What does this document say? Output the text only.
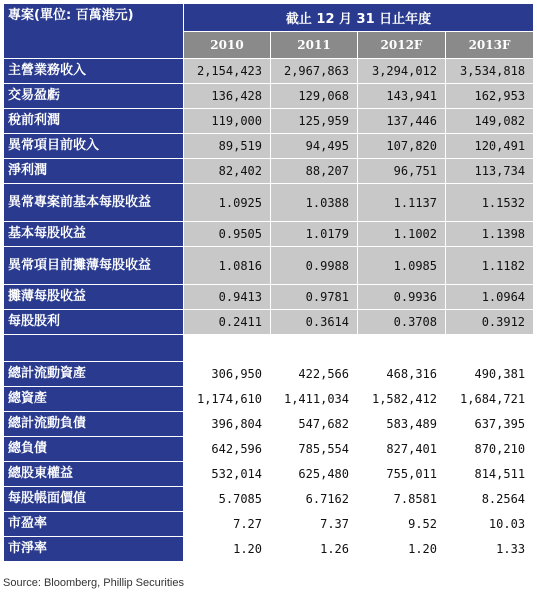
專案(單位: 百萬港元)	截止 12 月 31 日止年度			
	2010	2011	2012F	2013F
主營業務收入	2,154,423	2,967,863	3,294,012	3,534,818
交易盈虧	136,428	129,068	143,941	162,953
稅前利潤	119,000	125,959	137,446	149,082
異常項目前收入	89,519	94,495	107,820	120,491
淨利潤	82,402	88,207	96,751	113,734
異常專案前基本每股收益	1.0925	1.0388	1.1137	1.1532
基本每股收益	0.9505	1.0179	1.1002	1.1398
異常項目前攤薄每股收益	1.0816	0.9988	1.0985	1.1182
攤薄每股收益	0.9413	0.9781	0.9936	1.0964
每股股利	0.2411	0.3614	0.3708	0.3912

總計流動資產	306,950	422,566	468,316	490,381
總資產	1,174,610	1,411,034	1,582,412	1,684,721
總計流動負債	396,804	547,682	583,489	637,395
總負債	642,596	785,554	827,401	870,210
總股東權益	532,014	625,480	755,011	814,511
每股帳面價值	5.7085	6.7162	7.8581	8.2564
市盈率	7.27	7.37	9.52	10.03
市淨率	1.20	1.26	1.20	1.33
Source: Bloomberg, Phillip Securities
